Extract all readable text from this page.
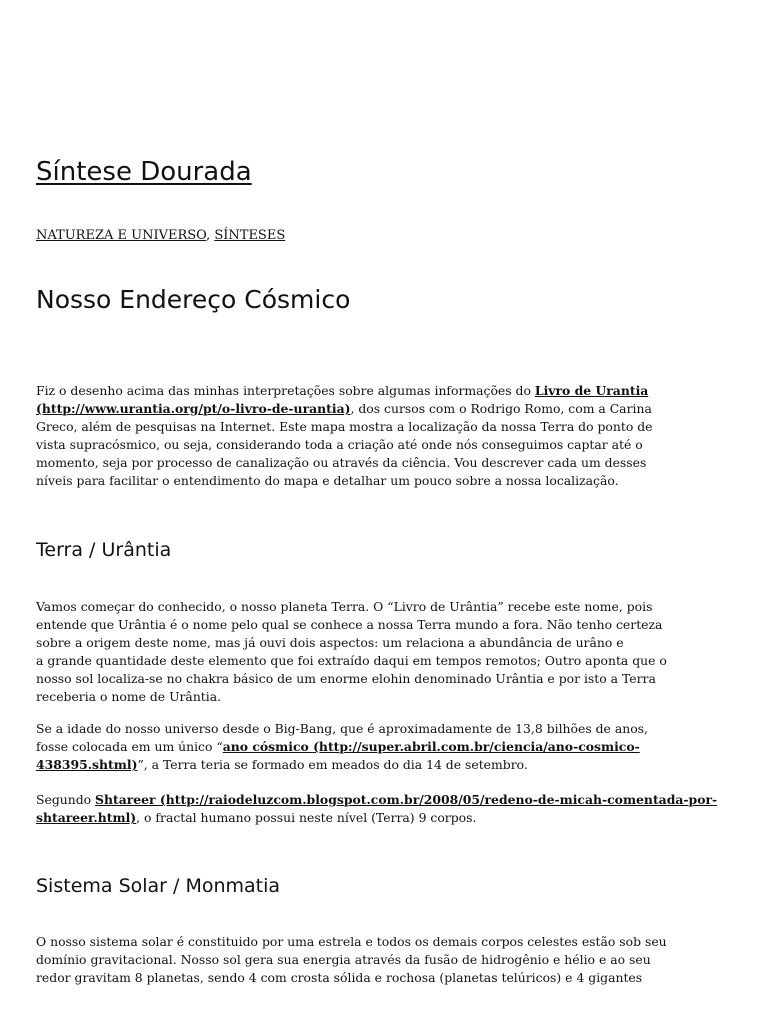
Síntese Dourada
NATUREZA E UNIVERSO, SÍNTESES
Nosso Endereço Cósmico

Fiz o desenho acima das minhas interpretações sobre algumas informações do Livro de Urantia
(http://www.urantia.org/pt/o-livro-de-urantia), dos cursos com o Rodrigo Romo, com a Carina
Greco, além de pesquisas na Internet. Este mapa mostra a localização da nossa Terra do ponto de
vista supracósmico, ou seja, considerando toda a criação até onde nós conseguimos captar até o
momento, seja por processo de canalização ou através da ciência. Vou descrever cada um desses
níveis para facilitar o entendimento do mapa e detalhar um pouco sobre a nossa localização.

Terra / Urântia

Vamos começar do conhecido, o nosso planeta Terra. O “Livro de Urântia” recebe este nome, pois
entende que Urântia é o nome pelo qual se conhece a nossa Terra mundo a fora. Não tenho certeza
sobre a origem deste nome, mas já ouvi dois aspectos: um relaciona a abundância de urâno e
a grande quantidade deste elemento que foi extraído daqui em tempos remotos; Outro aponta que o
nosso sol localiza-se no chakra básico de um enorme elohin denominado Urântia e por isto a Terra
receberia o nome de Urântia.

Se a idade do nosso universo desde o Big-Bang, que é aproximadamente de 13,8 bilhões de anos,
fosse colocada em um único “ano cósmico (http://super.abril.com.br/ciencia/ano-cosmico-
438395.shtml)”, a Terra teria se formado em meados do dia 14 de setembro.

Segundo Shtareer (http://raiodeluzcom.blogspot.com.br/2008/05/redeno-de-micah-comentada-por-
shtareer.html), o fractal humano possui neste nível (Terra) 9 corpos.

Sistema Solar / Monmatia

O nosso sistema solar é constituido por uma estrela e todos os demais corpos celestes estão sob seu
domínio gravitacional. Nosso sol gera sua energia através da fusão de hidrogênio e hélio e ao seu
redor gravitam 8 planetas, sendo 4 com crosta sólida e rochosa (planetas telúricos) e 4 gigantes
